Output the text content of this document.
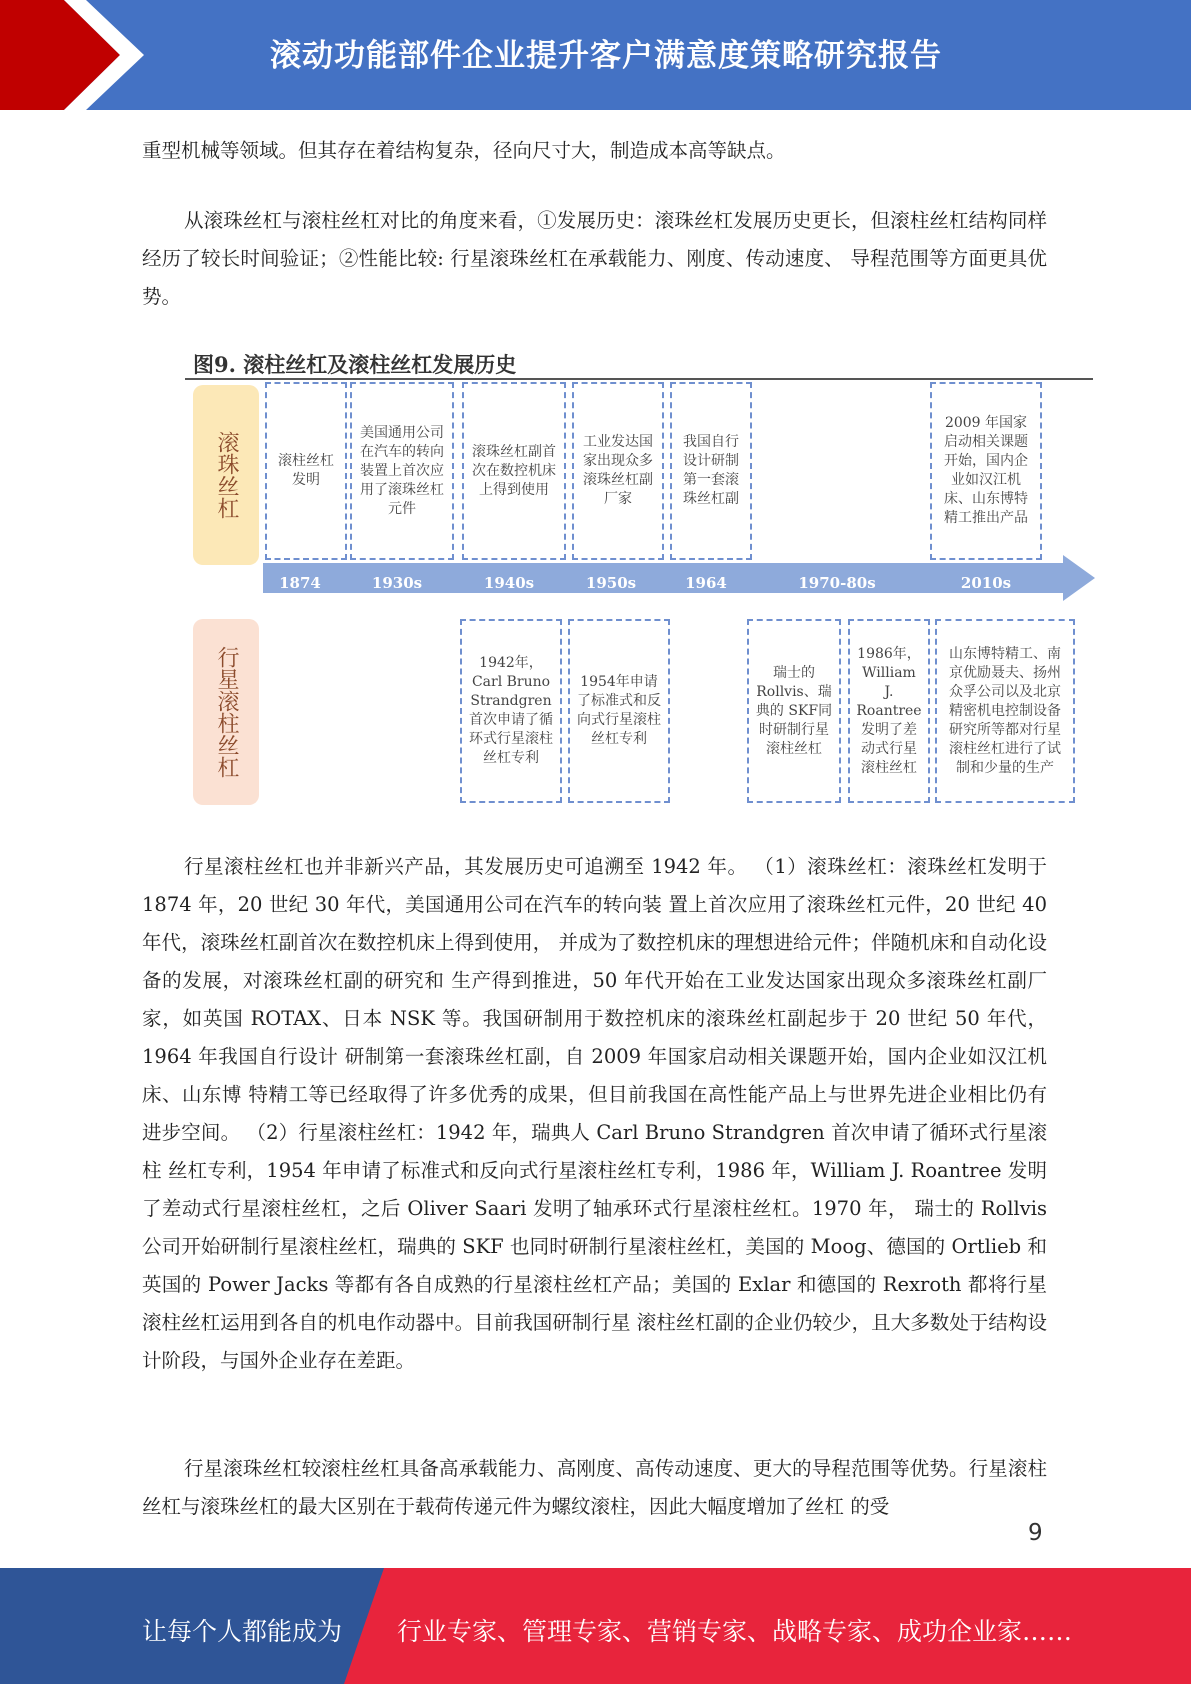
滚动功能部件企业提升客户满意度策略研究报告

重型机械等领域。但其存在着结构复杂，径向尺寸大，制造成本高等缺点。

从滚珠丝杠与滚柱丝杠对比的角度来看，①发展历史：滚珠丝杠发展历史更长，但滚柱丝杠结构同样经历了较长时间验证；②性能比较: 行星滚珠丝杠在承载能力、刚度、传动速度、 导程范围等方面更具优势。

图9. 滚柱丝杠及滚柱丝杠发展历史
滚珠丝杠
行星滚柱丝杠
滚柱丝杠发明
美国通用公司在汽车的转向装置上首次应用了滚珠丝杠元件
滚珠丝杠副首次在数控机床上得到使用
工业发达国家出现众多滚珠丝杠副厂家
我国自行设计研制第一套滚珠丝杠副
2009 年国家启动相关课题开始，国内企业如汉江机床、山东博特精工推出产品
1874	1930s	1940s	1950s	1964	1970-80s	2010s
1942年，Carl Bruno Strandgren 首次申请了循环式行星滚柱丝杠专利
1954年申请了标准式和反向式行星滚柱丝杠专利
瑞士的 Rollvis、瑞典的 SKF同时研制行星滚柱丝杠
1986年，William J. Roantree 发明了差动式行星滚柱丝杠
山东博特精工、南京优励聂夫、扬州众孚公司以及北京精密机电控制设备研究所等都对行星滚柱丝杠进行了试制和少量的生产

行星滚柱丝杠也并非新兴产品，其发展历史可追溯至 1942 年。 （1）滚珠丝杠：滚珠丝杠发明于 1874 年，20 世纪 30 年代，美国通用公司在汽车的转向装 置上首次应用了滚珠丝杠元件，20 世纪 40 年代，滚珠丝杠副首次在数控机床上得到使用， 并成为了数控机床的理想进给元件；伴随机床和自动化设备的发展，对滚珠丝杠副的研究和 生产得到推进，50 年代开始在工业发达国家出现众多滚珠丝杠副厂家，如英国 ROTAX、日本 NSK 等。我国研制用于数控机床的滚珠丝杠副起步于 20 世纪 50 年代，1964 年我国自行设计 研制第一套滚珠丝杠副，自 2009 年国家启动相关课题开始，国内企业如汉江机床、山东博 特精工等已经取得了许多优秀的成果，但目前我国在高性能产品上与世界先进企业相比仍有 进步空间。 （2）行星滚柱丝杠：1942 年，瑞典人 Carl Bruno Strandgren 首次申请了循环式行星滚柱 丝杠专利，1954 年申请了标准式和反向式行星滚柱丝杠专利，1986 年，William J. Roantree 发明了差动式行星滚柱丝杠，之后 Oliver Saari 发明了轴承环式行星滚柱丝杠。1970 年， 瑞士的 Rollvis 公司开始研制行星滚柱丝杠，瑞典的 SKF 也同时研制行星滚柱丝杠，美国的 Moog、德国的 Ortlieb 和英国的 Power Jacks 等都有各自成熟的行星滚柱丝杠产品；美国的 Exlar 和德国的 Rexroth 都将行星滚柱丝杠运用到各自的机电作动器中。目前我国研制行星 滚柱丝杠副的企业仍较少，且大多数处于结构设计阶段，与国外企业存在差距。

行星滚珠丝杠较滚柱丝杠具备高承载能力、高刚度、高传动速度、更大的导程范围等优势。行星滚柱丝杠与滚珠丝杠的最大区别在于载荷传递元件为螺纹滚柱，因此大幅度增加了丝杠 的受

9
让每个人都能成为 行业专家、管理专家、营销专家、战略专家、成功企业家……
